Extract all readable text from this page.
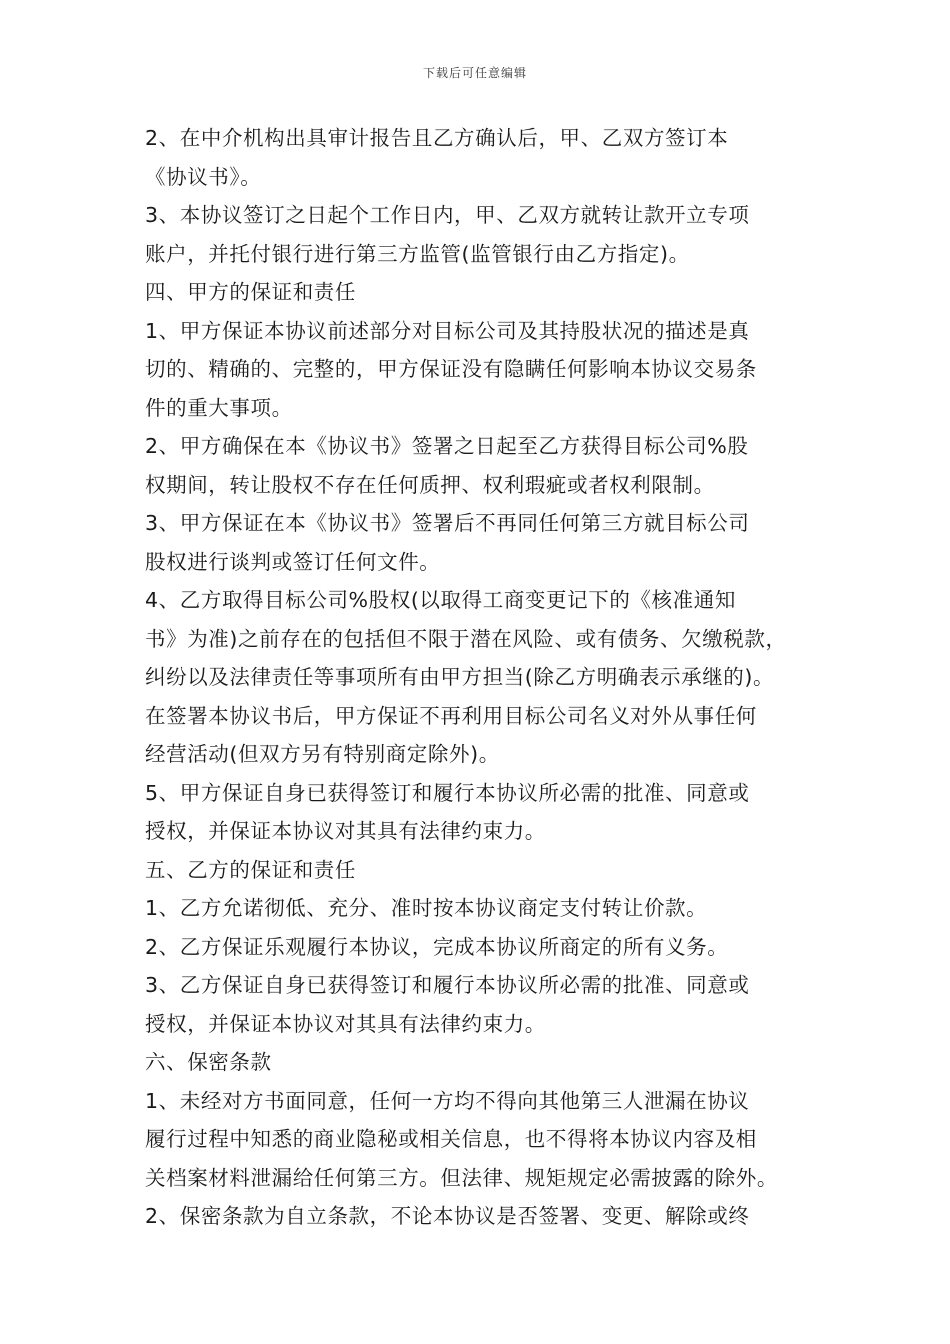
下载后可任意编辑
2、在中介机构出具审计报告且乙方确认后，甲、乙双方签订本
《协议书》。
3、本协议签订之日起个工作日内，甲、乙双方就转让款开立专项
账户，并托付银行进行第三方监管(监管银行由乙方指定)。
四、甲方的保证和责任
1、甲方保证本协议前述部分对目标公司及其持股状况的描述是真
切的、精确的、完整的，甲方保证没有隐瞒任何影响本协议交易条
件的重大事项。
2、甲方确保在本《协议书》签署之日起至乙方获得目标公司%股
权期间，转让股权不存在任何质押、权利瑕疵或者权利限制。
3、甲方保证在本《协议书》签署后不再同任何第三方就目标公司
股权进行谈判或签订任何文件。
4、乙方取得目标公司%股权(以取得工商变更记下的《核准通知
书》为准)之前存在的包括但不限于潜在风险、或有债务、欠缴税款，
纠纷以及法律责任等事项所有由甲方担当(除乙方明确表示承继的)。
在签署本协议书后，甲方保证不再利用目标公司名义对外从事任何
经营活动(但双方另有特别商定除外)。
5、甲方保证自身已获得签订和履行本协议所必需的批准、同意或
授权，并保证本协议对其具有法律约束力。
五、乙方的保证和责任
1、乙方允诺彻低、充分、准时按本协议商定支付转让价款。
2、乙方保证乐观履行本协议，完成本协议所商定的所有义务。
3、乙方保证自身已获得签订和履行本协议所必需的批准、同意或
授权，并保证本协议对其具有法律约束力。
六、保密条款
1、未经对方书面同意，任何一方均不得向其他第三人泄漏在协议
履行过程中知悉的商业隐秘或相关信息，也不得将本协议内容及相
关档案材料泄漏给任何第三方。但法律、规矩规定必需披露的除外。
2、保密条款为自立条款，不论本协议是否签署、变更、解除或终
